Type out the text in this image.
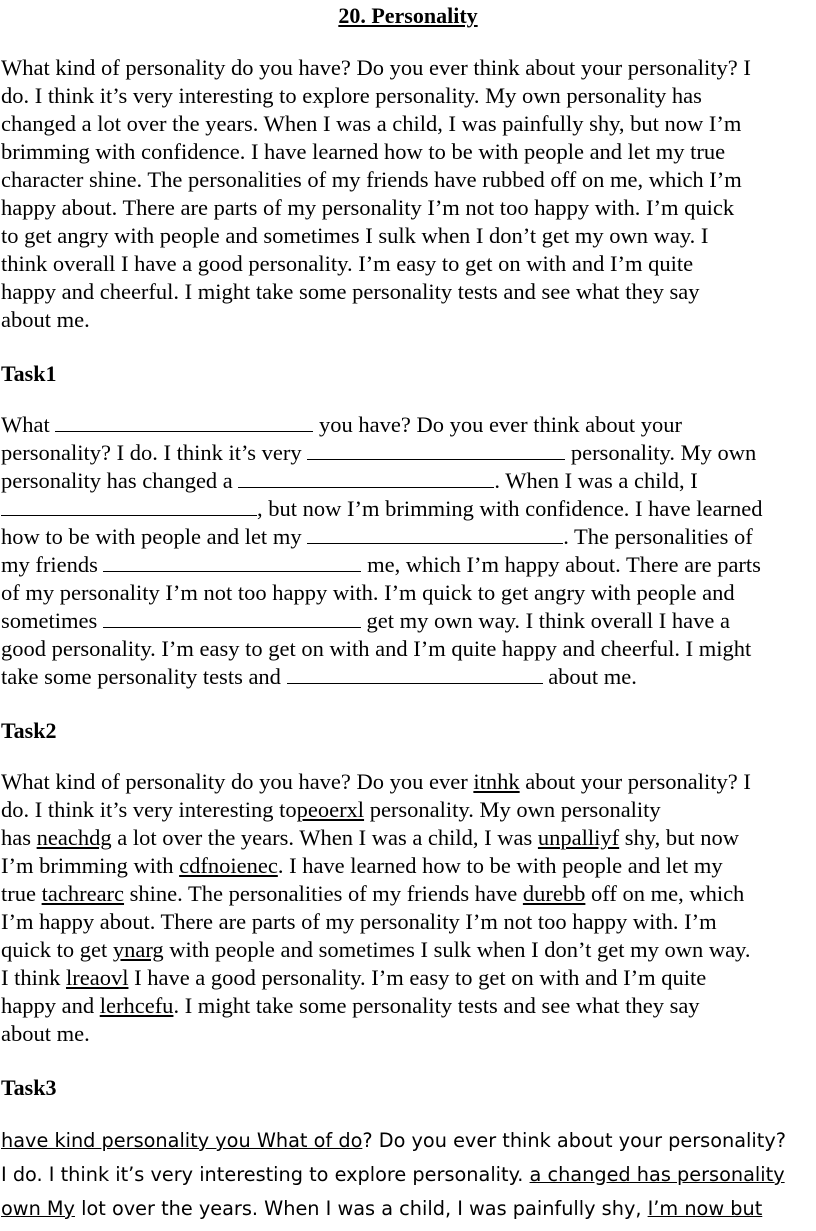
20. Personality
What kind of personality do you have? Do you ever think about your personality? I
do. I think it’s very interesting to explore personality. My own personality has
changed a lot over the years. When I was a child, I was painfully shy, but now I’m
brimming with confidence. I have learned how to be with people and let my true
character shine. The personalities of my friends have rubbed off on me, which I’m
happy about. There are parts of my personality I’m not too happy with. I’m quick
to get angry with people and sometimes I sulk when I don’t get my own way. I
think overall I have a good personality. I’m easy to get on with and I’m quite
happy and cheerful. I might take some personality tests and see what they say
about me.
Task1
What	you have? Do you ever think about your
personality? I do. I think it’s very	personality. My own
personality has changed a	. When I was a child, I
, but now I’m brimming with confidence. I have learned
how to be with people and let my	. The personalities of
my friends	me, which I’m happy about. There are parts
of my personality I’m not too happy with. I’m quick to get angry with people and
sometimes	get my own way. I think overall I have a
good personality. I’m easy to get on with and I’m quite happy and cheerful. I might
take some personality tests and	about me.
Task2
What kind of personality do you have? Do you ever itnhk about your personality? I
do. I think it’s very interesting topeoerxl personality. My own personality
has neachdg a lot over the years. When I was a child, I was unpalliyf shy, but now
I’m brimming with cdfnoienec. I have learned how to be with people and let my
true tachrearc shine. The personalities of my friends have durebb off on me, which
I’m happy about. There are parts of my personality I’m not too happy with. I’m
quick to get ynarg with people and sometimes I sulk when I don’t get my own way.
I think lreaovl I have a good personality. I’m easy to get on with and I’m quite
happy and lerhcefu. I might take some personality tests and see what they say
about me.
Task3
have kind personality you What of do? Do you ever think about your personality?
I do. I think it’s very interesting to explore personality. a changed has personality
own My lot over the years. When I was a child, I was painfully shy, I’m now but
